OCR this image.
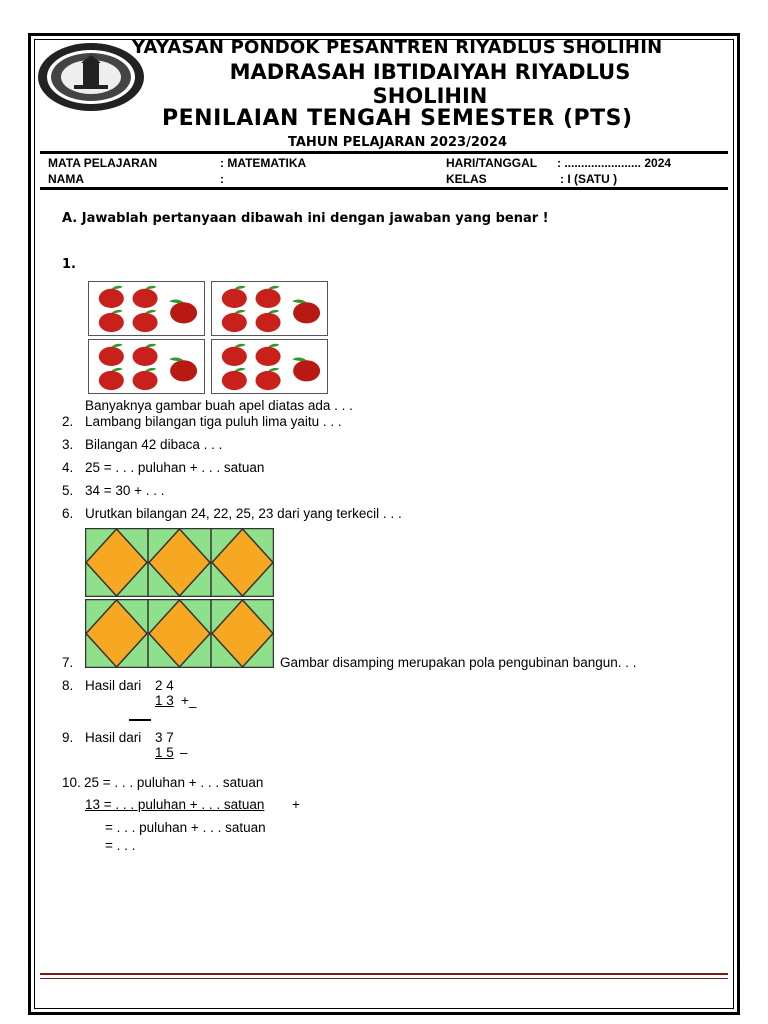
YAYASAN PONDOK PESANTREN RIYADLUS SHOLIHIN
MADRASAH IBTIDAIYAH RIYADLUS SHOLIHIN
PENILAIAN TENGAH SEMESTER (PTS)
TAHUN PELAJARAN 2023/2024
MATA PELAJARAN	: MATEMATIKA	HARI/TANGGAL : ....................... 2024
NAMA	:	KELAS	: I (SATU )
A. Jawablah pertanyaan dibawah ini dengan jawaban yang benar !
1.
Banyaknya gambar buah apel diatas ada . . .
2. Lambang bilangan tiga puluh lima yaitu . . .
3. Bilangan 42 dibaca . . .
4. 25 = . . . puluhan + . . . satuan
5. 34 = 30 + . . .
6. Urutkan bilangan 24, 22, 25, 23 dari yang terkecil . . .
7.	Gambar disamping merupakan pola pengubinan bangun. . .
8. Hasil dari 2 4
1 3 +_
9. Hasil dari 3 7
1 5 –
10. 25 = . . . puluhan + . . . satuan
13 = . . . puluhan + . . . satuan +
= . . . puluhan + . . . satuan
= . . .
